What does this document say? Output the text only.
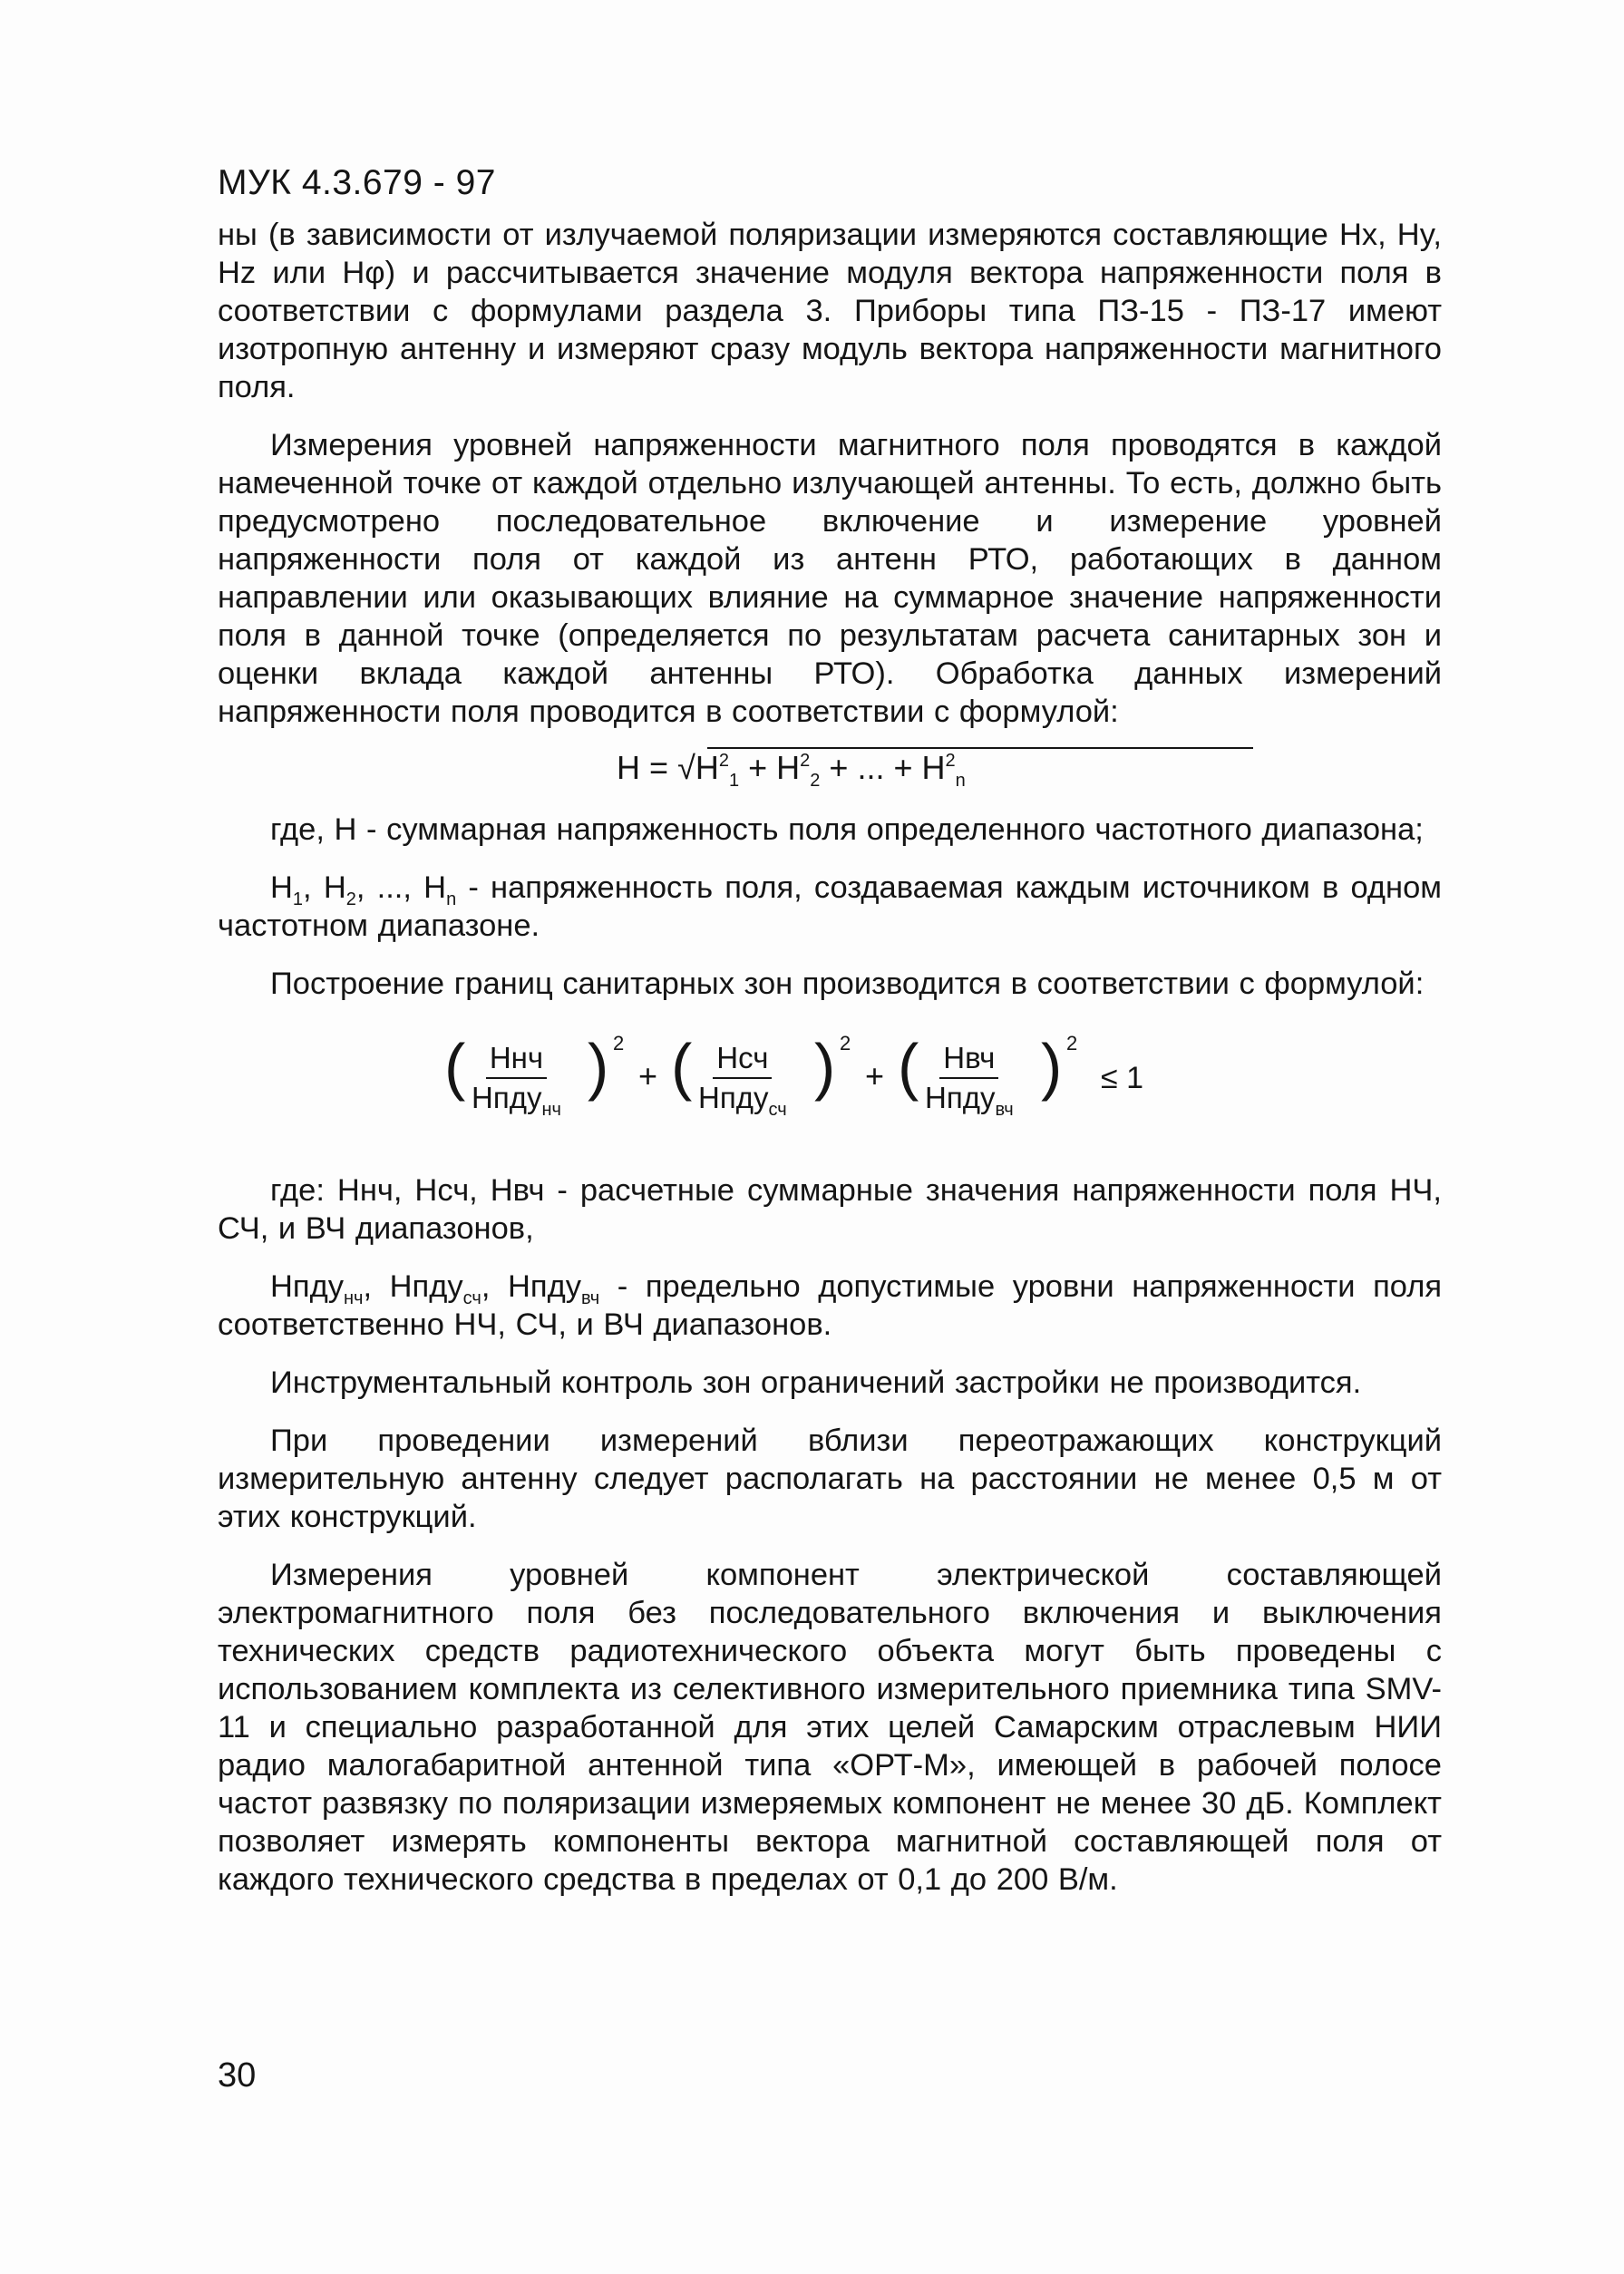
МУК 4.3.679 - 97

ны (в зависимости от излучаемой поляризации измеряются составляющие Hx, Hy, Hz или Hφ) и рассчитывается значение модуля вектора напряженности поля в соответствии с формулами раздела 3. Приборы типа ПЗ-15 - ПЗ-17 имеют изотропную антенну и измеряют сразу модуль вектора напряженности магнитного поля.

Измерения уровней напряженности магнитного поля проводятся в каждой намеченной точке от каждой отдельно излучающей антенны. То есть, должно быть предусмотрено последовательное включение и измерение уровней напряженности поля от каждой из антенн РТО, работающих в данном направлении или оказывающих влияние на суммарное значение напряженности поля в данной точке (определяется по результатам расчета санитарных зон и оценки вклада каждой антенны РТО). Обработка данных измерений напряженности поля проводится в соответствии с формулой:

$H = √H^2_1 + H^2_2$ + ... + $H^2_n$

где, Н - суммарная напряженность поля определенного частотного диапазона;

$Н_1$, $Н_2$, ..., $Н_n$ - напряженность поля, создаваемая каждым источником в одном частотном диапазоне.

Построение границ санитарных зон производится в соответствии с формулой:

( Ннч
Нпду$_{нч}$
) 2
+ ( Нсч
Нпду$_{сч}$
) 2
+ ( Нвч
Нпду$_{вч}$
) 2
≤ 1

где: Ннч, Нсч, Нвч - расчетные суммарные значения напряженности поля НЧ, СЧ, и ВЧ диапазонов,

Нпду$_{нч}$, Нпду$_{сч}$, Нпду$_{вч}$ - предельно допустимые уровни напряженности поля соответственно НЧ, СЧ, и ВЧ диапазонов.

Инструментальный контроль зон ограничений застройки не производится.

При проведении измерений вблизи переотражающих конструкций измерительную антенну следует располагать на расстоянии не менее 0,5 м от этих конструкций.

Измерения уровней компонент электрической составляющей электромагнитного поля без последовательного включения и выключения технических средств радиотехнического объекта могут быть проведены с использованием комплекта из селективного измерительного приемника типа SMV-11 и специально разработанной для этих целей Самарским отраслевым НИИ радио малогабаритной антенной типа «ОРТ-М», имеющей в рабочей полосе частот развязку по поляризации измеряемых компонент не менее 30 дБ. Комплект позволяет измерять компоненты вектора магнитной составляющей поля от каждого технического средства в пределах от 0,1 до 200 В/м.

30
